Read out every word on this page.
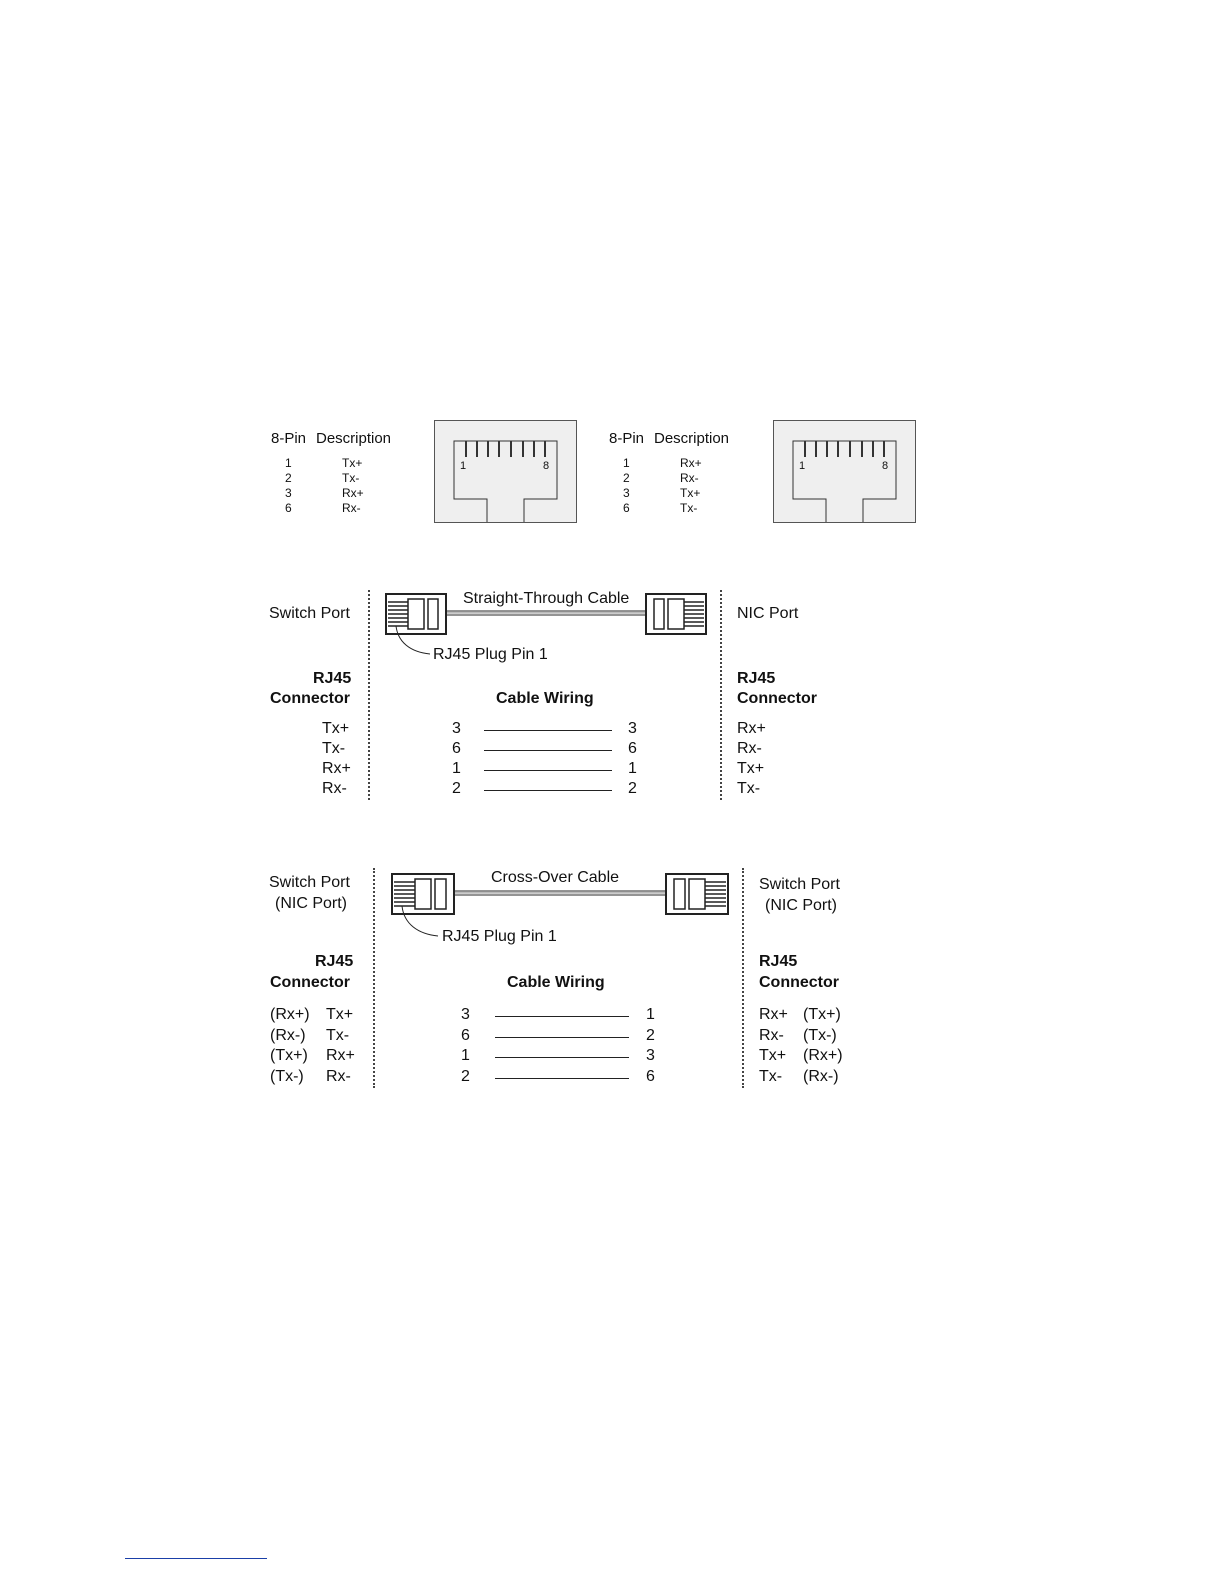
8-Pin Description
1	Tx+
2	Tx-
3	Rx+
6	Rx-
1	8
8-Pin Description
1	Rx+
2	Rx-
3	Tx+
6	Tx-
1	8
Switch Port	NIC Port
Straight-Through Cable
RJ45 Plug Pin 1
RJ45
Connector
RJ45
Connector
Cable Wiring
Tx+	3	3	Rx+
Tx-	6	6	Rx-
Rx+	1	1	Tx+
Rx-	2	2	Tx-
Switch Port
(NIC Port)
Switch Port
(NIC Port)
Cross-Over Cable
RJ45 Plug Pin 1
RJ45
Connector
RJ45
Connector
Cable Wiring
(Rx+) Tx+	3	1	Rx+ (Tx+)
(Rx-) Tx-	6	2	Rx- (Tx-)
(Tx+) Rx+	1	3	Tx+ (Rx+)
(Tx-) Rx-	2	6	Tx- (Rx-)
